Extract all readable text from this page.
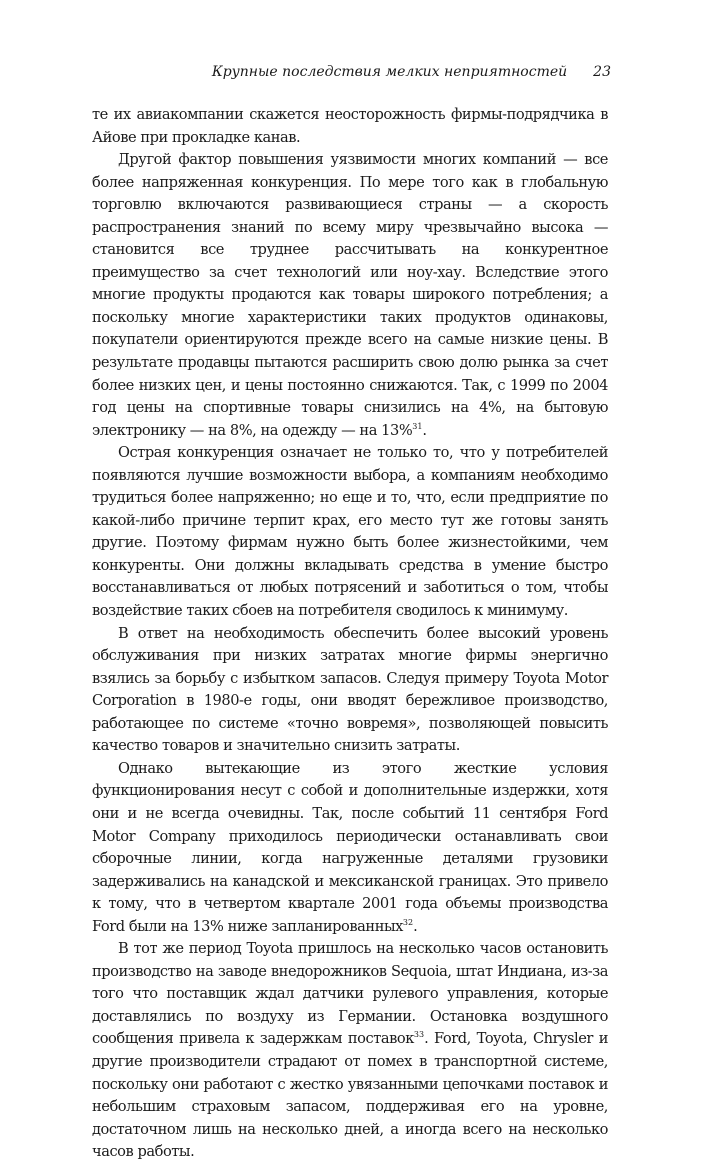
Крупные последствия мелких неприятностей 23

те их авиакомпании скажется неосторожность фирмы-подрядчика в Айове при прокладке канав.

Другой фактор повышения уязвимости многих компаний — все более напряженная конкуренция. По мере того как в глобальную торговлю включаются развивающиеся страны — а скорость распространения знаний по всему миру чрезвычайно высока — становится все труднее рассчитывать на конкурентное преимущество за счет технологий или ноу-хау. Вследствие этого многие продукты продаются как товары широкого потребления; а поскольку многие характеристики таких продуктов одинаковы, покупатели ориентируются прежде всего на самые низкие цены. В результате продавцы пытаются расширить свою долю рынка за счет более низких цен, и цены постоянно снижаются. Так, с 1999 по 2004 год цены на спортивные товары снизились на 4%, на бытовую электронику — на 8%, на одежду — на 13%$^{31}$.

Острая конкуренция означает не только то, что у потребителей появляются лучшие возможности выбора, а компаниям необходимо трудиться более напряженно; но еще и то, что, если предприятие по какой-либо причине терпит крах, его место тут же готовы занять другие. Поэтому фирмам нужно быть более жизнестойкими, чем конкуренты. Они должны вкладывать средства в умение быстро восстанавливаться от любых потрясений и заботиться о том, чтобы воздействие таких сбоев на потребителя сводилось к минимуму.

В ответ на необходимость обеспечить более высокий уровень обслуживания при низких затратах многие фирмы энергично взялись за борьбу с избытком запасов. Следуя примеру Toyota Motor Corporation в 1980-е годы, они вводят бережливое производство, работающее по системе «точно вовремя», позволяющей повысить качество товаров и значительно снизить затраты.

Однако вытекающие из этого жесткие условия функционирования несут с собой и дополнительные издержки, хотя они и не всегда очевидны. Так, после событий 11 сентября Ford Motor Company приходилось периодически останавливать свои сборочные линии, когда нагруженные деталями грузовики задерживались на канадской и мексиканской границах. Это привело к тому, что в четвертом квартале 2001 года объемы производства Ford были на 13% ниже запланированных$^{32}$.

В тот же период Toyota пришлось на несколько часов остановить производство на заводе внедорожников Sequoia, штат Индиана, из-за того что поставщик ждал датчики рулевого управления, которые доставлялись по воздуху из Германии. Остановка воздушного сообщения привела к задержкам поставок$^{33}$. Ford, Toyota, Chrysler и другие производители страдают от помех в транспортной системе, поскольку они работают с жестко увязанными цепочками поставок и небольшим страховым запасом, поддерживая его на уровне, достаточном лишь на несколько дней, а иногда всего на несколько часов работы.
